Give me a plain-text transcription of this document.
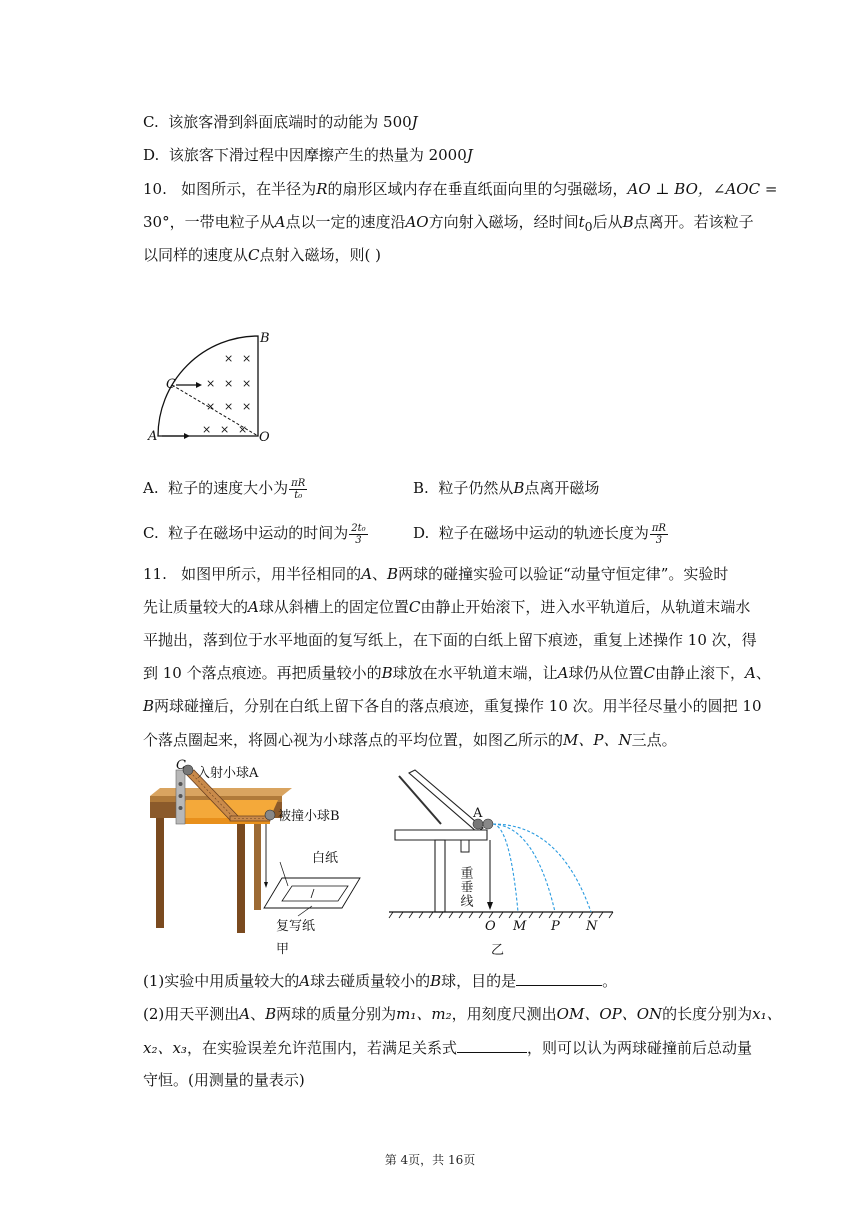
C. 该旅客滑到斜面底端时的动能为 500J
D. 该旅客下滑过程中因摩擦产生的热量为 2000J
10. 如图所示，在半径为R的扇形区域内存在垂直纸面向里的匀强磁场，AO ⊥ BO，∠AOC =
30°，一带电粒子从A点以一定的速度沿AO方向射入磁场，经时间$t_0$后从B点离开。若该粒子
以同样的速度从C点射入磁场，则( )
× ×
× × ×
× × ×
× × ×
B
C
A	O
A. 粒子的速度大小为 $\frac{\pi R}{\text{t₀}}$	B. 粒子仍然从B点离开磁场
C. 粒子在磁场中运动的时间为 $\frac{\text{2t₀}}{3}$	D. 粒子在磁场中运动的轨迹长度为 $\frac{\pi R}{3}$
11. 如图甲所示，用半径相同的A、B两球的碰撞实验可以验证“动量守恒定律”。实验时
先让质量较大的A球从斜槽上的固定位置C由静止开始滚下，进入水平轨道后，从轨道末端水
平抛出，落到位于水平地面的复写纸上，在下面的白纸上留下痕迹，重复上述操作 10 次，得
到 10 个落点痕迹。再把质量较小的B球放在水平轨道末端，让A球仍从位置C由静止滚下，A、
B两球碰撞后，分别在白纸上留下各自的落点痕迹，重复操作 10 次。用半径尽量小的圆把 10
个落点圈起来，将圆心视为小球落点的平均位置，如图乙所示的M、P、N三点。
C
入射小球A
被撞小球B
白纸
复写纸
甲
A
重垂线
O M P N
乙
(1)实验中用质量较大的A球去碰质量较小的B球，目的是	。
(2)用天平测出A、B两球的质量分别为m₁、m₂，用刻度尺测出OM、OP、ON的长度分别为x₁、
x₂、x₃，在实验误差允许范围内，若满足关系式	，则可以认为两球碰撞前后总动量
守恒。(用测量的量表示)
第 4页，共 16页
